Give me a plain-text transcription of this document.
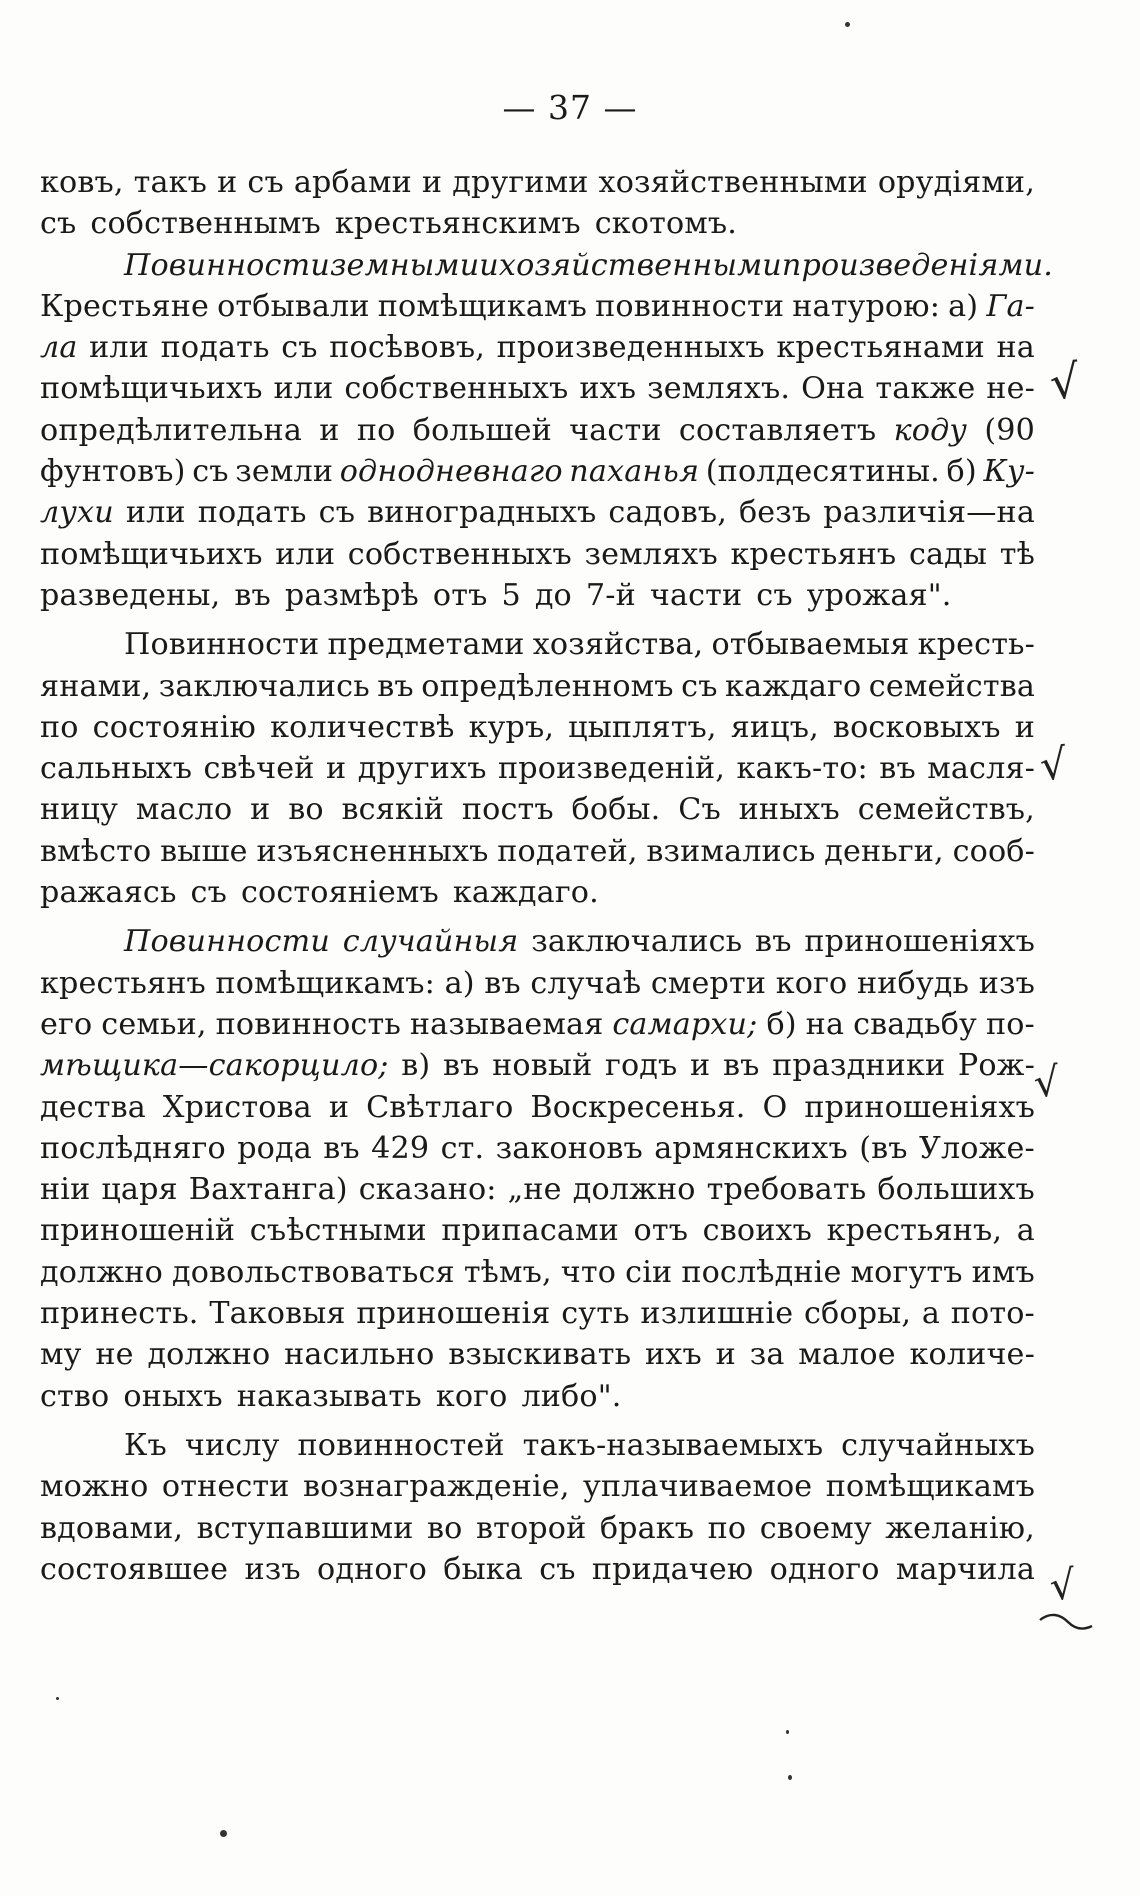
— 37 —
ковъ, такъ и съ арбами и другими хозяйственными орудіями,
съ собственнымъ крестьянскимъ скотомъ.
Повинности земными и хозяйственными произведеніями.
Крестьяне отбывали помѣщикамъ повинности натурою: а) Га-
ла или подать съ посѣвовъ, произведенныхъ крестьянами на
помѣщичьихъ или собственныхъ ихъ земляхъ. Она также не-
опредѣлительна и по большей части составляетъ коду (90
фунтовъ) съ земли однодневнаго паханья (полдесятины. б) Ку-
лухи или подать съ виноградныхъ садовъ, безъ различія—на
помѣщичьихъ или собственныхъ земляхъ крестьянъ сады тѣ
разведены, въ размѣрѣ отъ 5 до 7-й части съ урожая".
Повинности предметами хозяйства, отбываемыя кресть-
янами, заключались въ опредѣленномъ съ каждаго семейства
по состоянію количествѣ куръ, цыплятъ, яицъ, восковыхъ и
сальныхъ свѣчей и другихъ произведеній, какъ-то: въ масля-
ницу масло и во всякій постъ бобы. Съ иныхъ семействъ,
вмѣсто выше изъясненныхъ податей, взимались деньги, сооб-
ражаясь съ состояніемъ каждаго.
Повинности случайныя заключались въ приношеніяхъ
крестьянъ помѣщикамъ: а) въ случаѣ смерти кого нибудь изъ
его семьи, повинность называемая самархи; б) на свадьбу по-
мѣщика—сакорцило; в) въ новый годъ и въ праздники Рож-
дества Христова и Свѣтлаго Воскресенья. О приношеніяхъ
послѣдняго рода въ 429 ст. законовъ армянскихъ (въ Уложе-
ніи царя Вахтанга) сказано: „не должно требовать большихъ
приношеній съѣстными припасами отъ своихъ крестьянъ, а
должно довольствоваться тѣмъ, что сіи послѣдніе могутъ имъ
принесть. Таковыя приношенія суть излишніе сборы, а пото-
му не должно насильно взыскивать ихъ и за малое количе-
ство оныхъ наказывать кого либо".
Къ числу повинностей такъ-называемыхъ случайныхъ
можно отнести вознагражденіе, уплачиваемое помѣщикамъ
вдовами, вступавшими во второй бракъ по своему желанію,
состоявшее изъ одного быка съ придачею одного марчила
√
√
√
√
